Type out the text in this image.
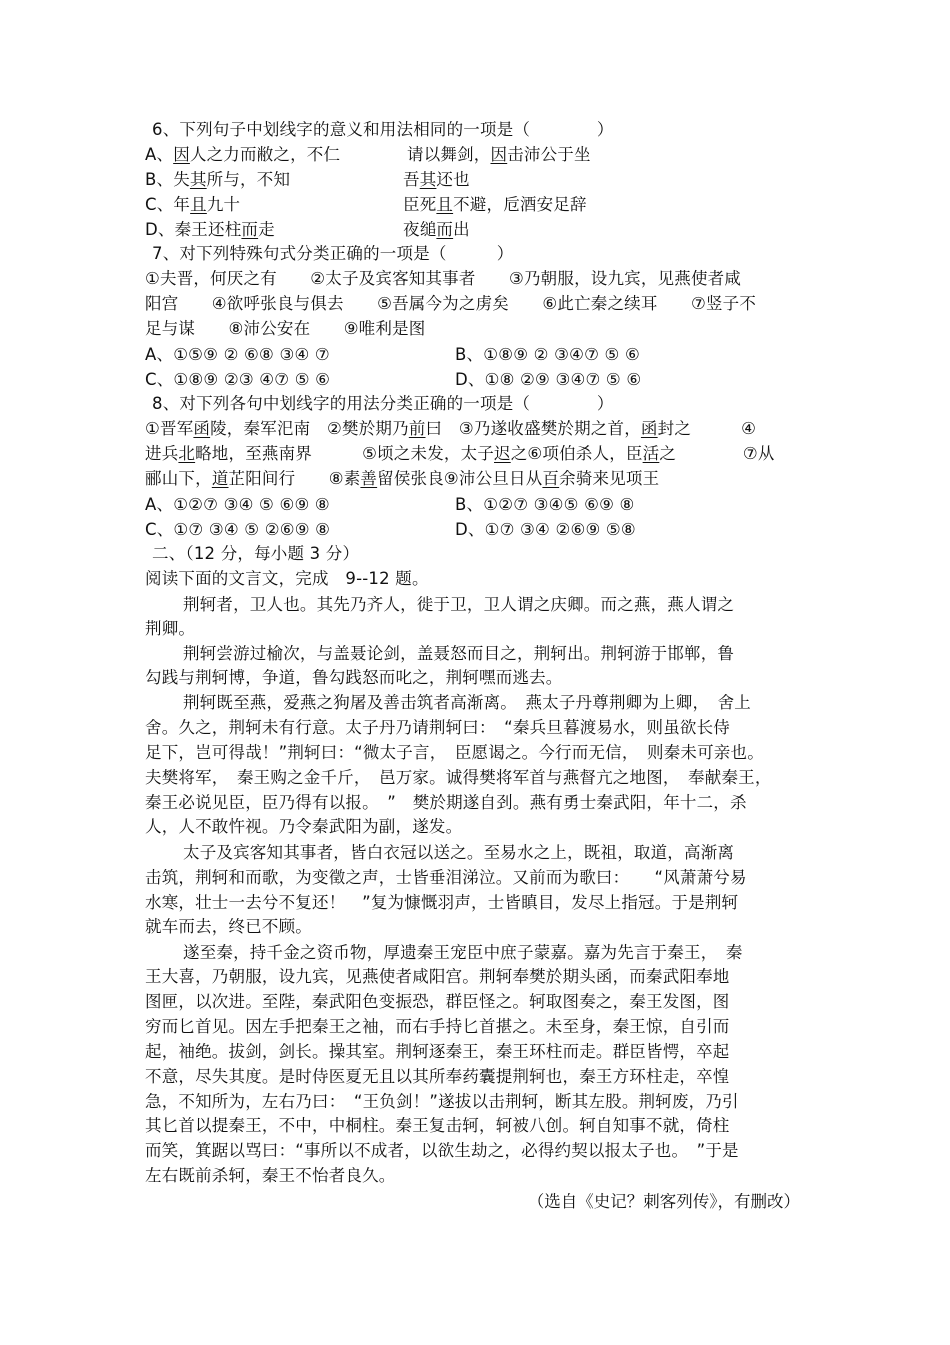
6、下列句子中划线字的意义和用法相同的一项是（　　　　）
A、因人之力而敝之，不仁	请以舞剑，因击沛公于坐
B、失其所与，不知	吾其还也
C、年且九十	臣死且不避，卮酒安足辞
D、秦王还柱而走	夜缒而出
7、对下列特殊句式分类正确的一项是（　　　）
①夫晋，何厌之有　　②太子及宾客知其事者　　③乃朝服，设九宾，见燕使者咸
阳宫　　④欲呼张良与俱去　　⑤吾属今为之虏矣　　⑥此亡秦之续耳　　⑦竖子不
足与谋　　⑧沛公安在　　⑨唯利是图
A、①⑤⑨ ② ⑥⑧ ③④ ⑦	B、①⑧⑨ ② ③④⑦ ⑤ ⑥
C、①⑧⑨ ②③ ④⑦ ⑤ ⑥	D、①⑧ ②⑨ ③④⑦ ⑤ ⑥
8、对下列各句中划线字的用法分类正确的一项是（　　　　）
①晋军函陵，秦军汜南　②樊於期乃前曰　③乃遂收盛樊於期之首，函封之　　　④
进兵北略地，至燕南界　　　⑤顷之未发，太子迟之⑥项伯杀人，臣活之　　　　⑦从
郦山下，道芷阳间行　　⑧素善留侯张良⑨沛公旦日从百余骑来见项王
A、①②⑦ ③④ ⑤ ⑥⑨ ⑧	B、①②⑦ ③④⑤ ⑥⑨ ⑧
C、①⑦ ③④ ⑤ ②⑥⑨ ⑧	D、①⑦ ③④ ②⑥⑨ ⑤⑧
二、（12 分，每小题 3 分）
阅读下面的文言文，完成　9--12 题。
荆轲者，卫人也。其先乃齐人，徙于卫，卫人谓之庆卿。而之燕，燕人谓之
荆卿。
荆轲尝游过榆次，与盖聂论剑，盖聂怒而目之，荆轲出。荆轲游于邯郸，鲁
勾践与荆轲博，争道，鲁勾践怒而叱之，荆轲嘿而逃去。
荆轲既至燕，爱燕之狗屠及善击筑者高渐离。　燕太子丹尊荆卿为上卿，　舍上
舍。久之，荆轲未有行意。太子丹乃请荆轲曰：　“秦兵旦暮渡易水，则虽欲长侍
足下，岂可得哉！”荆轲曰：“微太子言，　臣愿谒之。今行而无信，　则秦未可亲也。
夫樊将军，　秦王购之金千斤，　邑万家。诚得樊将军首与燕督亢之地图，　奉献秦王，
秦王必说见臣，臣乃得有以报。　”　樊於期遂自刭。燕有勇士秦武阳，年十二，杀
人，人不敢忤视。乃令秦武阳为副，遂发。
太子及宾客知其事者，皆白衣冠以送之。至易水之上，既祖，取道，高渐离
击筑，荆轲和而歌，为变徵之声，士皆垂泪涕泣。又前而为歌曰：　　“风萧萧兮易
水寒，壮士一去兮不复还！　”复为慷慨羽声，士皆瞋目，发尽上指冠。于是荆轲
就车而去，终已不顾。
遂至秦，持千金之资币物，厚遗秦王宠臣中庶子蒙嘉。嘉为先言于秦王，　秦
王大喜，乃朝服，设九宾，见燕使者咸阳宫。荆轲奉樊於期头函，而秦武阳奉地
图匣，以次进。至陛，秦武阳色变振恐，群臣怪之。轲取图奏之，秦王发图，图
穷而匕首见。因左手把秦王之袖，而右手持匕首揕之。未至身，秦王惊，自引而
起，袖绝。拔剑，剑长。操其室。荆轲逐秦王，秦王环柱而走。群臣皆愕，卒起
不意，尽失其度。是时侍医夏无且以其所奉药囊提荆轲也，秦王方环柱走，卒惶
急，不知所为，左右乃曰：　“王负剑！”遂拔以击荆轲，断其左股。荆轲废，乃引
其匕首以提秦王，不中，中桐柱。秦王复击轲，轲被八创。轲自知事不就，倚柱
而笑，箕踞以骂曰：“事所以不成者，以欲生劫之，必得约契以报太子也。　”于是
左右既前杀轲，秦王不怡者良久。
（选自《史记？刺客列传》，有删改）
